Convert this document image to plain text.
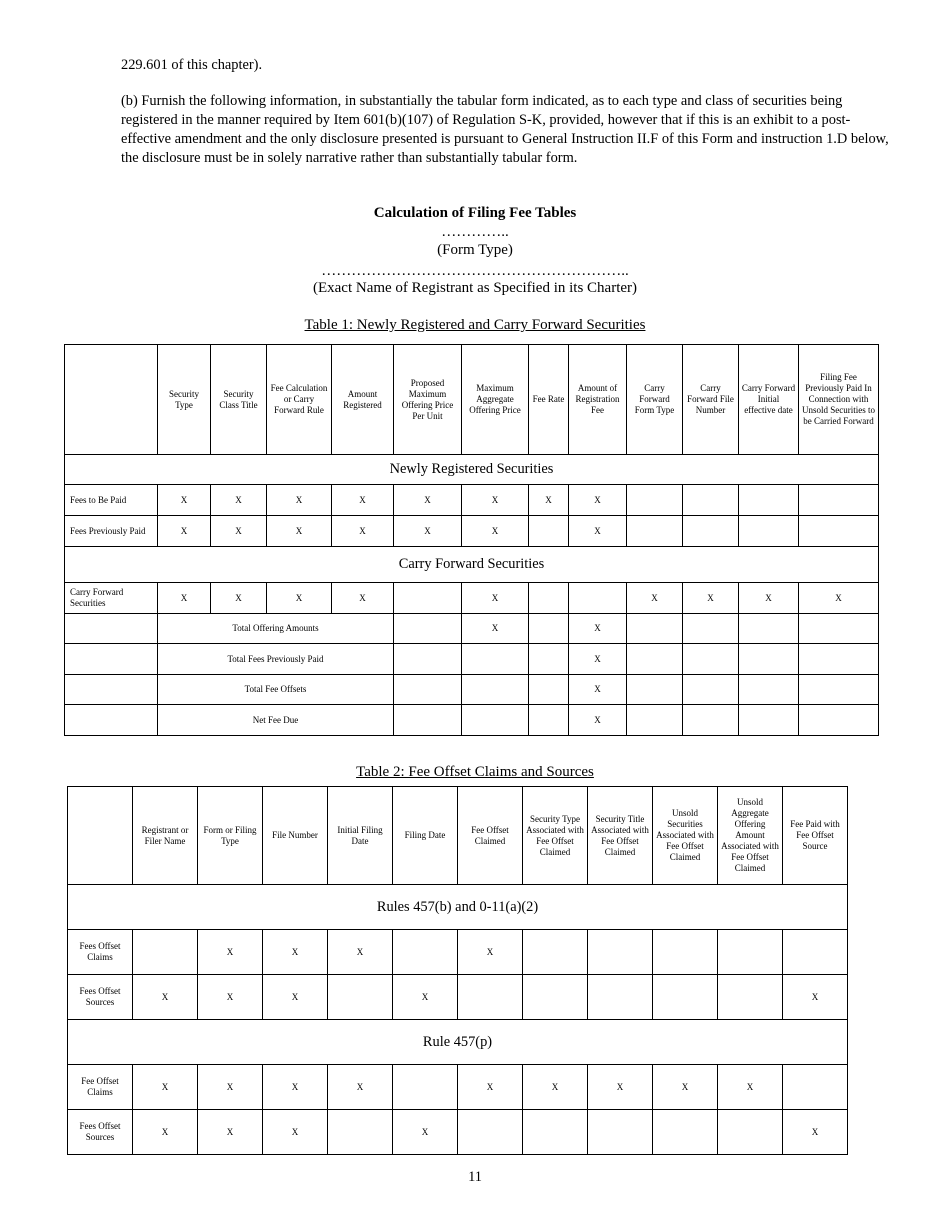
229.601 of this chapter).

(b) Furnish the following information, in substantially the tabular form indicated, as to each type and class of securities being registered in the manner required by Item 601(b)(107) of Regulation S-K, provided, however that if this is an exhibit to a post-effective amendment and the only disclosure presented is pursuant to General Instruction II.F of this Form and instruction 1.D below, the disclosure must be in solely narrative rather than substantially tabular form.

Calculation of Filing Fee Tables
…………..
(Form Type)
……………………………………………………..
(Exact Name of Registrant as Specified in its Charter)
Table 1: Newly Registered and Carry Forward Securities
	Security Type	Security Class Title	Fee Calculation or Carry Forward Rule	Amount Registered	Proposed Maximum Offering Price Per Unit	Maximum Aggregate Offering Price	Fee Rate	Amount of Registration Fee	Carry Forward Form Type	Carry Forward File Number	Carry Forward Initial effective date	Filing Fee Previously Paid In Connection with Unsold Securities to be Carried Forward
Newly Registered Securities												
Fees to Be Paid	X	X	X	X	X	X	X	X				
Fees Previously Paid	X	X	X	X	X	X		X				
Carry Forward Securities												
Carry Forward Securities	X	X	X	X		X			X	X	X	X
	Total Offering Amounts					X		X				
	Total Fees Previously Paid							X				
	Total Fee Offsets							X				
	Net Fee Due							X				
Table 2: Fee Offset Claims and Sources
	Registrant or Filer Name	Form or Filing Type	File Number	Initial Filing Date	Filing Date	Fee Offset Claimed	Security Type Associated with Fee Offset Claimed	Security Title Associated with Fee Offset Claimed	Unsold Securities Associated with Fee Offset Claimed	Unsold Aggregate Offering Amount Associated with Fee Offset Claimed	Fee Paid with Fee Offset Source
Rules 457(b) and 0-11(a)(2)											
Fees Offset Claims		X	X	X		X					
Fees Offset Sources	X	X	X		X						X
Rule 457(p)											
Fee Offset Claims	X	X	X	X		X	X	X	X	X	
Fees Offset Sources	X	X	X		X						X
11
